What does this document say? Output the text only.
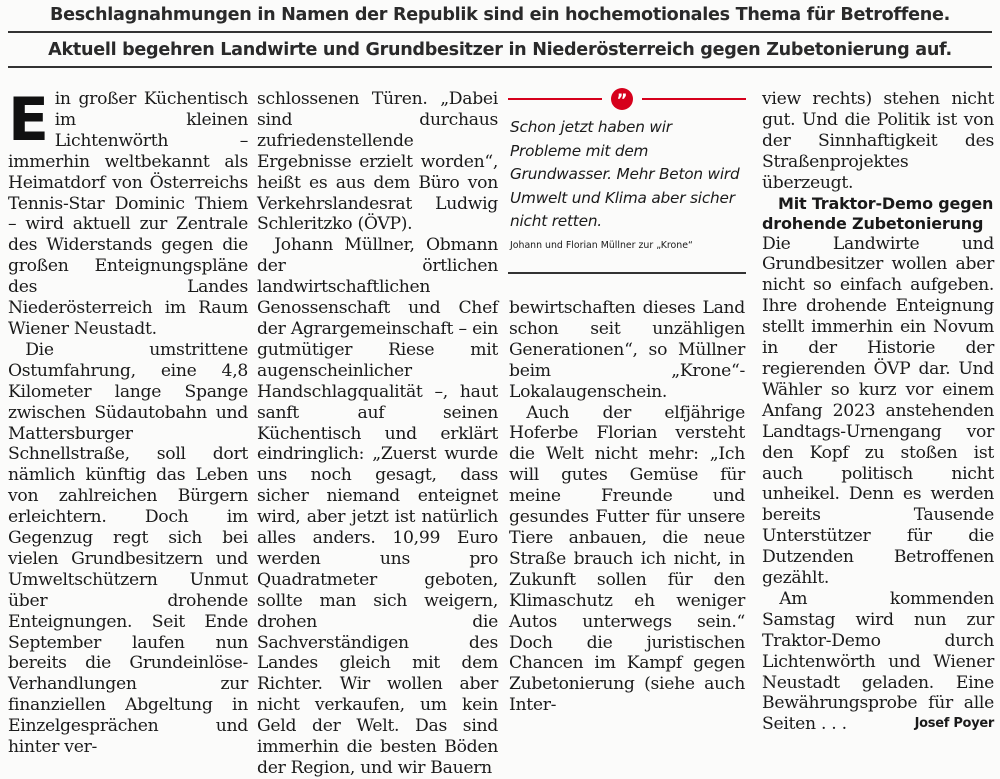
Beschlagnahmungen in Namen der Republik sind ein hochemotionales Thema für Betroffene.
Aktuell begehren Landwirte und Grundbesitzer in Niederösterreich gegen Zubetonierung auf.

Ein großer Küchentisch im kleinen Lichtenwörth – immerhin weltbekannt als Heimatdorf von Österreichs Tennis-Star Dominic Thiem – wird aktuell zur Zentrale des Widerstands gegen die großen Enteignungspläne des Landes Niederösterreich im Raum Wiener Neustadt.

Die umstrittene Ostumfahrung, eine 4,8 Kilometer lange Spange zwischen Südautobahn und Mattersburger Schnellstraße, soll dort nämlich künftig das Leben von zahlreichen Bürgern erleichtern. Doch im Gegenzug regt sich bei vielen Grundbesitzern und Umweltschützern Unmut über drohende Enteignungen. Seit Ende September laufen nun bereits die Grundeinlöse-Verhandlungen zur finanziellen Abgeltung in Einzelgesprächen und hinter ver-

schlossenen Türen. „Dabei sind durchaus zufriedenstellende Ergebnisse erzielt worden“, heißt es aus dem Büro von Verkehrslandesrat Ludwig Schleritzko (ÖVP).

Johann Müllner, Obmann der örtlichen landwirtschaftlichen Genossenschaft und Chef der Agrargemeinschaft – ein gutmütiger Riese mit augenscheinlicher Handschlagqualität –, haut sanft auf seinen Küchentisch und erklärt eindringlich: „Zuerst wurde uns noch gesagt, dass sicher niemand enteignet wird, aber jetzt ist natürlich alles anders. 10,99 Euro werden uns pro Quadratmeter geboten, sollte man sich weigern, drohen die Sachverständigen des Landes gleich mit dem Richter. Wir wollen aber nicht verkaufen, um kein Geld der Welt. Das sind immerhin die besten Böden der Region, und wir Bauern

”
Schon jetzt haben wir Probleme mit dem Grundwasser. Mehr Beton wird Umwelt und Klima aber sicher nicht retten.
Johann und Florian Müllner zur „Krone“

bewirtschaften dieses Land schon seit unzähligen Generationen“, so Müllner beim „Krone“-Lokalaugenschein.

Auch der elfjährige Hoferbe Florian versteht die Welt nicht mehr: „Ich will gutes Gemüse für meine Freunde und gesundes Futter für unsere Tiere anbauen, die neue Straße brauch ich nicht, in Zukunft sollen für den Klimaschutz eh weniger Autos unterwegs sein.“ Doch die juristischen Chancen im Kampf gegen Zubetonierung (siehe auch Inter-

view rechts) stehen nicht gut. Und die Politik ist von der Sinnhaftigkeit des Straßenprojektes überzeugt.

Mit Traktor-Demo gegen drohende Zubetonierung

Die Landwirte und Grundbesitzer wollen aber nicht so einfach aufgeben. Ihre drohende Enteignung stellt immerhin ein Novum in der Historie der regierenden ÖVP dar. Und Wähler so kurz vor einem Anfang 2023 anstehenden Landtags-Urnengang vor den Kopf zu stoßen ist auch politisch nicht unheikel. Denn es werden bereits Tausende Unterstützer für die Dutzenden Betroffenen gezählt.

Am kommenden Samstag wird nun zur Traktor-Demo durch Lichtenwörth und Wiener Neustadt geladen. Eine Bewährungsprobe für alle Seiten . . .	Josef Poyer
